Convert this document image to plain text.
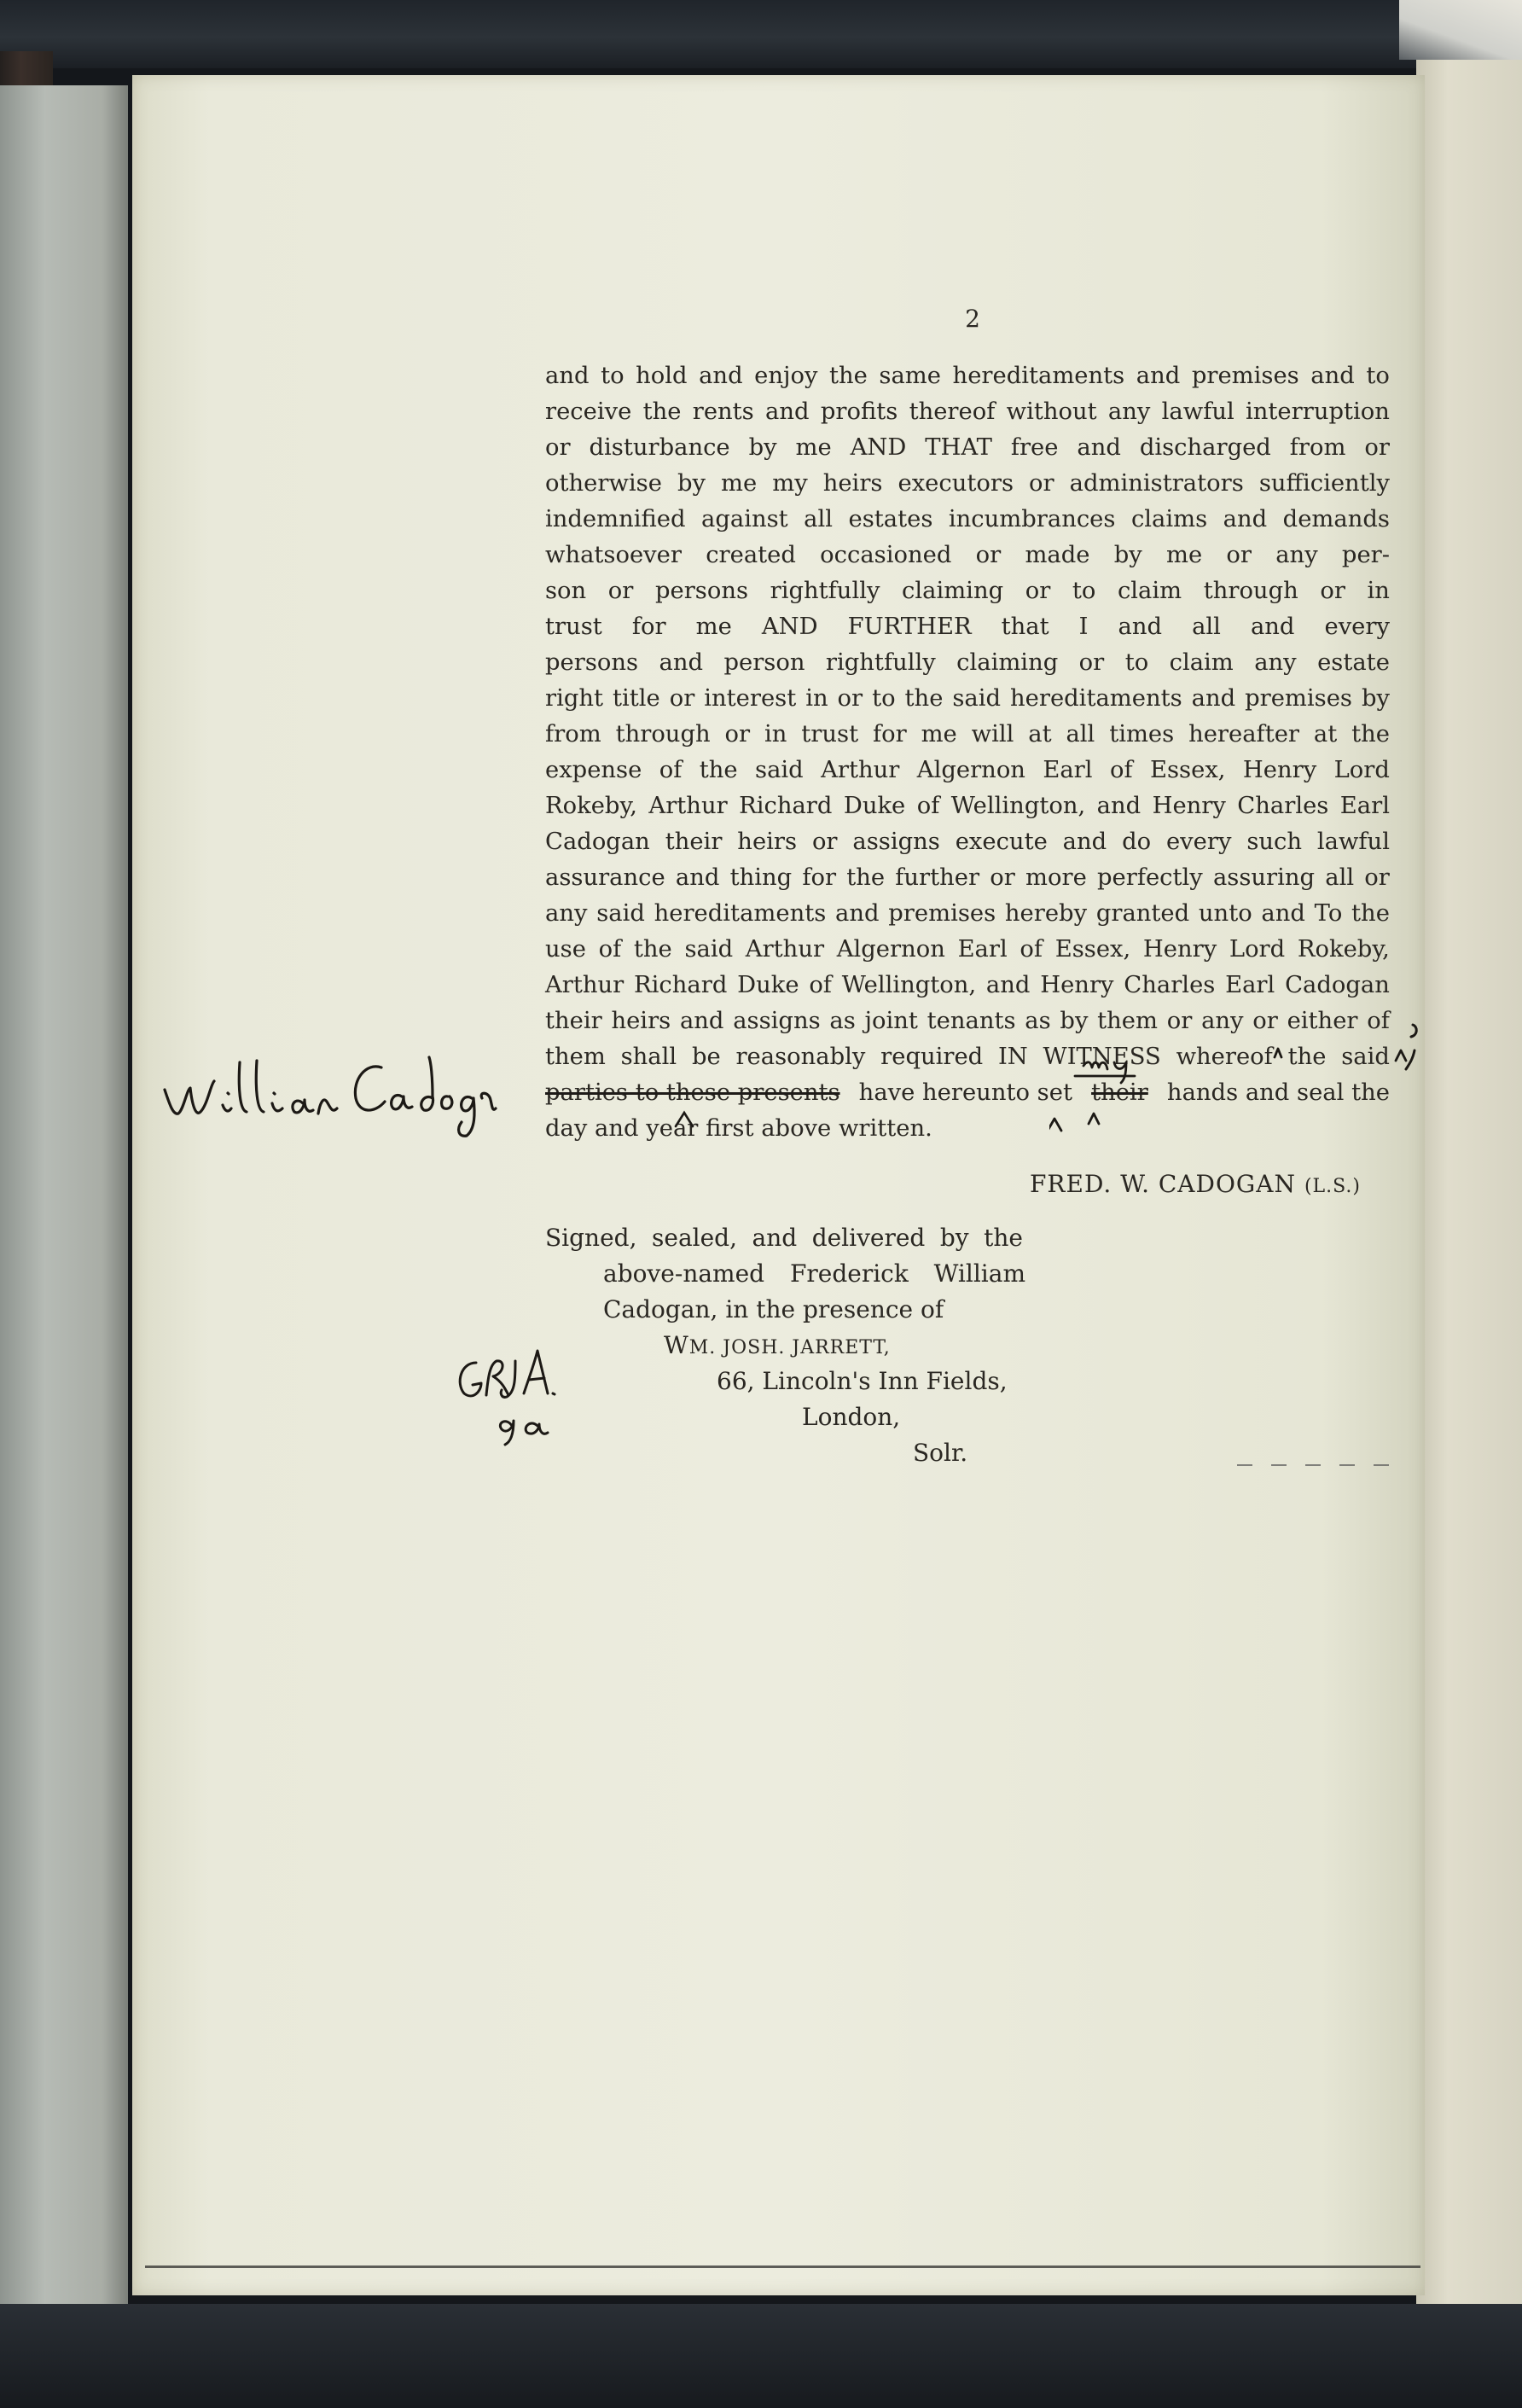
2
and to hold and enjoy the same hereditaments and premises and to
receive the rents and profits thereof without any lawful interruption
or disturbance by me AND THAT free and discharged from or
otherwise by me my heirs executors or administrators sufficiently
indemnified against all estates incumbrances claims and demands
whatsoever created occasioned or made by me or any per-
son or persons rightfully claiming or to claim through or in
trust for me AND FURTHER that I and all and every
persons and person rightfully claiming or to claim any estate
right title or interest in or to the said hereditaments and premises by
from through or in trust for me will at all times hereafter at the
expense of the said Arthur Algernon Earl of Essex, Henry Lord
Rokeby, Arthur Richard Duke of Wellington, and Henry Charles Earl
Cadogan their heirs or assigns execute and do every such lawful
assurance and thing for the further or more perfectly assuring all or
any said hereditaments and premises hereby granted unto and To the
use of the said Arthur Algernon Earl of Essex, Henry Lord Rokeby,
Arthur Richard Duke of Wellington, and Henry Charles Earl Cadogan
their heirs and assigns as joint tenants as by them or any or either of
them shall be reasonably required IN WITNESS whereof the said
parties to these presents have hereunto set their hands and seal the
day and year first above written.
FRED. W. CADOGAN (L.S.)
Signed, sealed, and delivered by the
above-named Frederick William
Cadogan, in the presence of
WM. JOSH. JARRETT,
66, Lincoln's Inn Fields,
London,
Solr.
